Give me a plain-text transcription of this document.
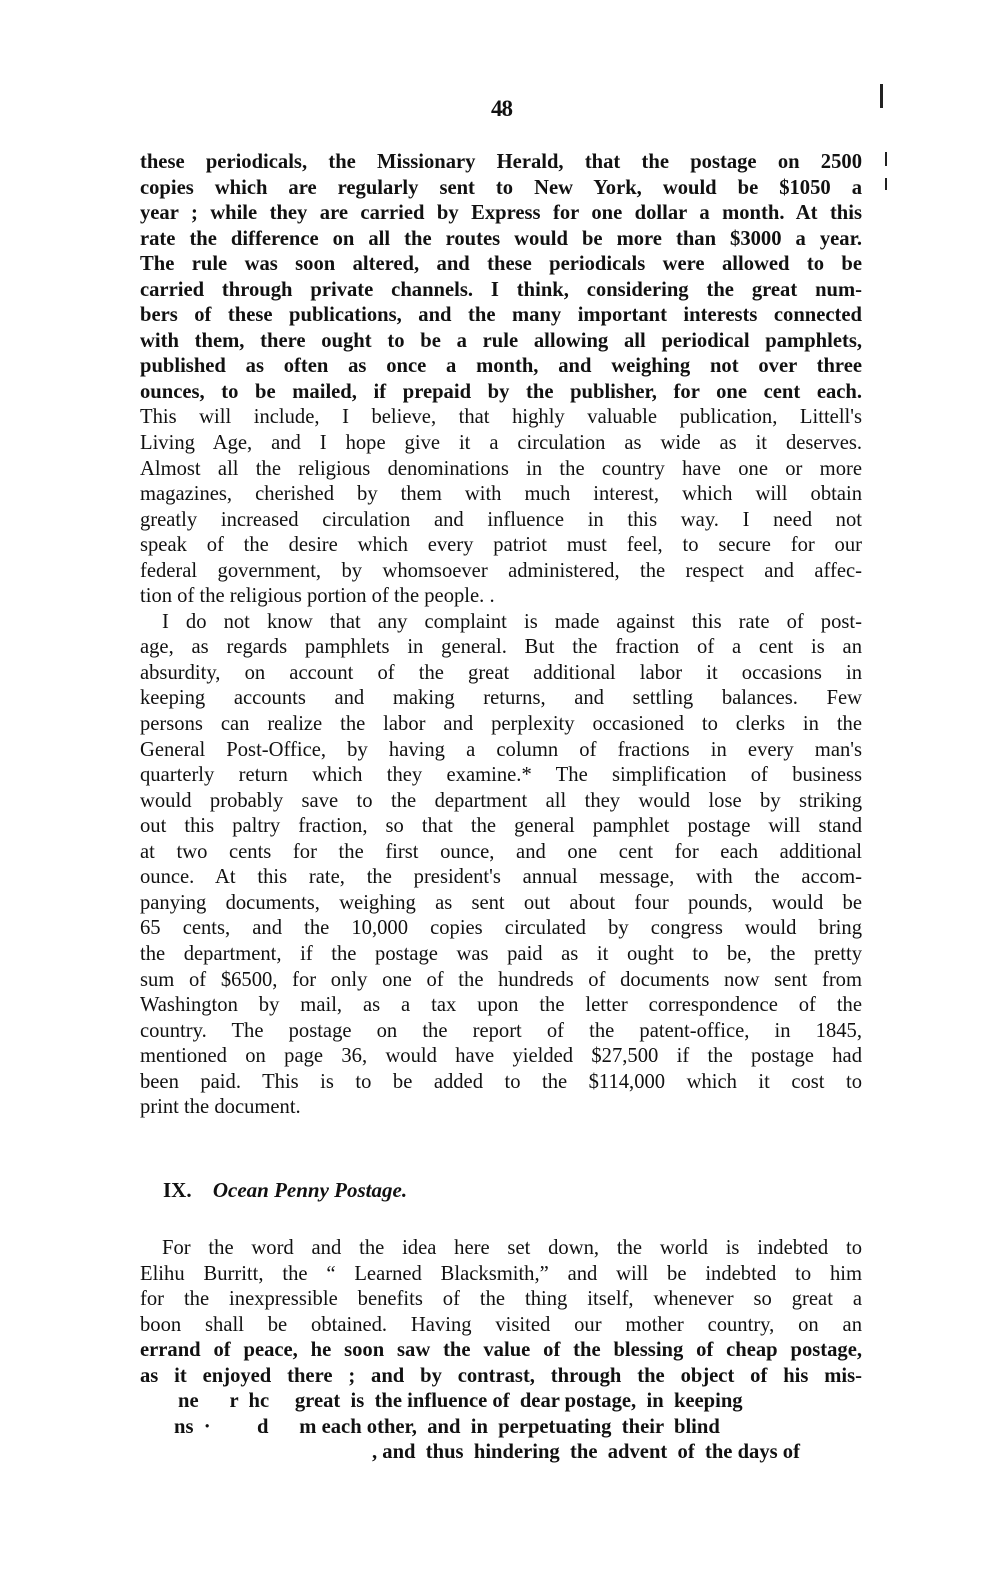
48
these periodicals, the Missionary Herald, that the postage on 2500
copies which are regularly sent to New York, would be $1050 a
year ; while they are carried by Express for one dollar a month. At this
rate the difference on all the routes would be more than $3000 a year.
The rule was soon altered, and these periodicals were allowed to be
carried through private channels. I think, considering the great num-
bers of these publications, and the many important interests connected
with them, there ought to be a rule allowing all periodical pamphlets,
published as often as once a month, and weighing not over three
ounces, to be mailed, if prepaid by the publisher, for one cent each.
This will include, I believe, that highly valuable publication, Littell's
Living Age, and I hope give it a circulation as wide as it deserves.
Almost all the religious denominations in the country have one or more
magazines, cherished by them with much interest, which will obtain
greatly increased circulation and influence in this way. I need not
speak of the desire which every patriot must feel, to secure for our
federal government, by whomsoever administered, the respect and affec-
tion of the religious portion of the people. .
I do not know that any complaint is made against this rate of post-
age, as regards pamphlets in general. But the fraction of a cent is an
absurdity, on account of the great additional labor it occasions in
keeping accounts and making returns, and settling balances. Few
persons can realize the labor and perplexity occasioned to clerks in the
General Post-Office, by having a column of fractions in every man's
quarterly return which they examine.* The simplification of business
would probably save to the department all they would lose by striking
out this paltry fraction, so that the general pamphlet postage will stand
at two cents for the first ounce, and one cent for each additional
ounce. At this rate, the president's annual message, with the accom-
panying documents, weighing as sent out about four pounds, would be
65 cents, and the 10,000 copies circulated by congress would bring
the department, if the postage was paid as it ought to be, the pretty
sum of $6500, for only one of the hundreds of documents now sent from
Washington by mail, as a tax upon the letter correspondence of the
country. The postage on the report of the patent-office, in 1845,
mentioned on page 36, would have yielded $27,500 if the postage had
been paid. This is to be added to the $114,000 which it cost to
print the document.
IX. Ocean Penny Postage.
For the word and the idea here set down, the world is indebted to
Elihu Burritt, the “ Learned Blacksmith,” and will be indebted to him
for the inexpressible benefits of the thing itself, whenever so great a
boon shall be obtained. Having visited our mother country, on an
errand of peace, he soon saw the value of the blessing of cheap postage,
as it enjoyed there ; and by contrast, through the object of his mis-
ne      r  hc     great  is  the influence of  dear postage,  in  keeping
ns  ·         d      m each other,  and  in  perpetuating  their  blind
, and  thus  hindering  the  advent  of  the days of
